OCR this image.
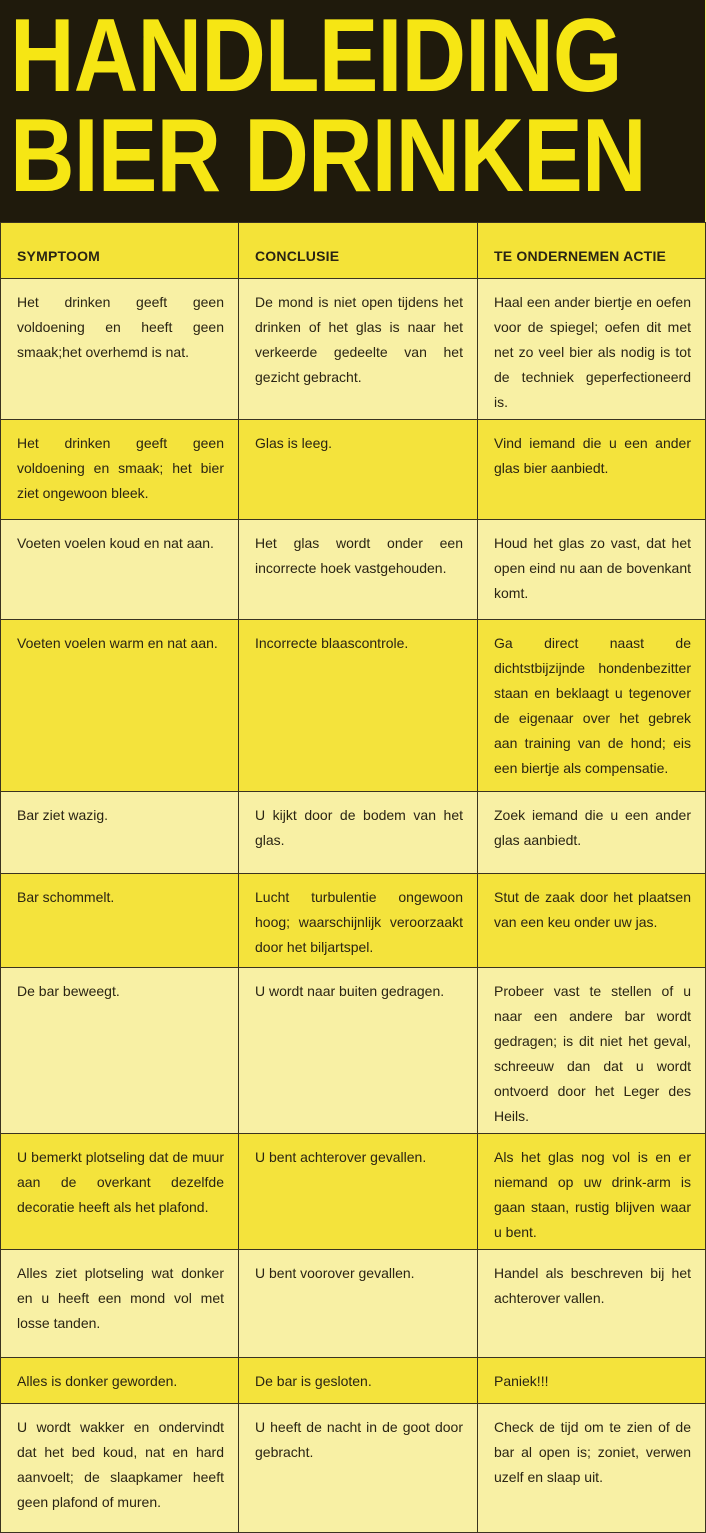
HANDLEIDING
BIER DRINKEN
SYMPTOOM	CONCLUSIE	TE ONDERNEMEN ACTIE
Het drinken geeft geen voldoening en heeft geen smaak;het overhemd is nat.	De mond is niet open tijdens het drinken of het glas is naar het verkeerde gedeelte van het gezicht gebracht.	Haal een ander biertje en oefen voor de spiegel; oefen dit met net zo veel bier als nodig is tot de techniek geperfectioneerd is.
Het drinken geeft geen voldoening en smaak; het bier ziet ongewoon bleek.	Glas is leeg.	Vind iemand die u een ander glas bier aanbiedt.
Voeten voelen koud en nat aan.	Het glas wordt onder een incorrecte hoek vastgehouden.	Houd het glas zo vast, dat het open eind nu aan de bovenkant komt.
Voeten voelen warm en nat aan.	Incorrecte blaascontrole.	Ga direct naast de dichtstbijzijnde hondenbezitter staan en beklaagt u tegenover de eigenaar over het gebrek aan training van de hond; eis een biertje als compensatie.
Bar ziet wazig.	U kijkt door de bodem van het glas.	Zoek iemand die u een ander glas aanbiedt.
Bar schommelt.	Lucht turbulentie ongewoon hoog; waarschijnlijk veroorzaakt door het biljartspel.	Stut de zaak door het plaatsen van een keu onder uw jas.
De bar beweegt.	U wordt naar buiten gedragen.	Probeer vast te stellen of u naar een andere bar wordt gedragen; is dit niet het geval, schreeuw dan dat u wordt ontvoerd door het Leger des Heils.
U bemerkt plotseling dat de muur aan de overkant dezelfde decoratie heeft als het plafond.	U bent achterover gevallen.	Als het glas nog vol is en er niemand op uw drink-arm is gaan staan, rustig blijven waar u bent.
Alles ziet plotseling wat donker en u heeft een mond vol met losse tanden.	U bent voorover gevallen.	Handel als beschreven bij het achterover vallen.
Alles is donker geworden.	De bar is gesloten.	Paniek!!!
U wordt wakker en ondervindt dat het bed koud, nat en hard aanvoelt; de slaapkamer heeft geen plafond of muren.	U heeft de nacht in de goot door gebracht.	Check de tijd om te zien of de bar al open is; zoniet, verwen uzelf en slaap uit.
